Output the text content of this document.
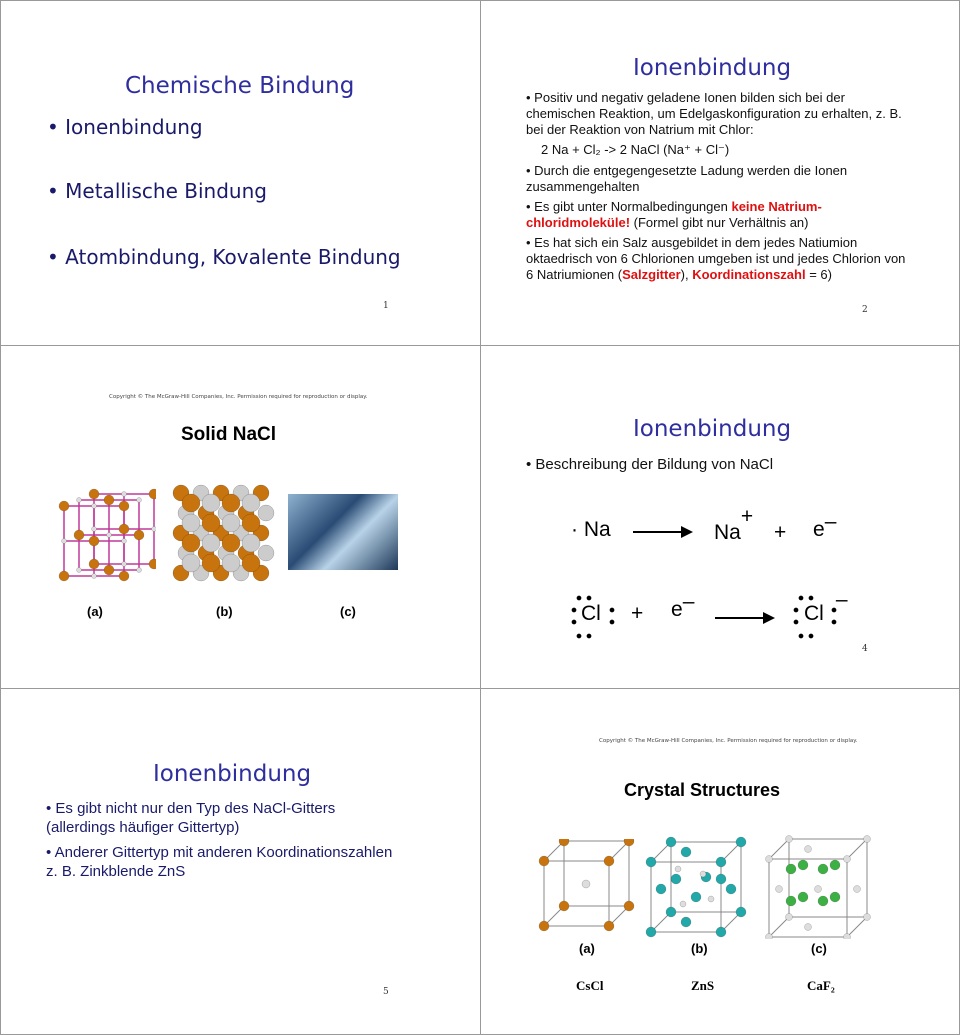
Chemische Bindung
• Ionenbindung
• Metallische Bindung
• Atombindung, Kovalente Bindung
1
Ionenbindung
• Positiv und negativ geladene Ionen bilden sich bei der chemischen Reaktion, um Edelgaskonfiguration zu erhalten, z. B. bei der Reaktion von Natrium mit Chlor:
2 Na + Cl₂ -> 2 NaCl (Na⁺ + Cl⁻)
• Durch die entgegengesetzte Ladung werden die Ionen zusammengehalten
• Es gibt unter Normalbedingungen keine Natrium-chloridmoleküle! (Formel gibt nur Verhältnis an)
• Es hat sich ein Salz ausgebildet in dem jedes Natiumion oktaedrisch von 6 Chlorionen umgeben ist und jedes Chlorion von 6 Natriumionen (Salzgitter), Koordinationszahl = 6)
2
Copyright © The McGraw-Hill Companies, Inc. Permission required for reproduction or display.
Solid NaCl
(a)	(b)	(c)
Ionenbindung
• Beschreibung der Bildung von NaCl
· Na	Na+
+ e–
Cl + e–
Cl–
4
Ionenbindung
• Es gibt nicht nur den Typ des NaCl-Gitters (allerdings häufiger Gittertyp)
• Anderer Gittertyp mit anderen Koordinationszahlen z. B. Zinkblende ZnS
5
Copyright © The McGraw-Hill Companies, Inc. Permission required for reproduction or display.
Crystal Structures
(a)	(b)	(c)
CsCl	ZnS	CaF₂
